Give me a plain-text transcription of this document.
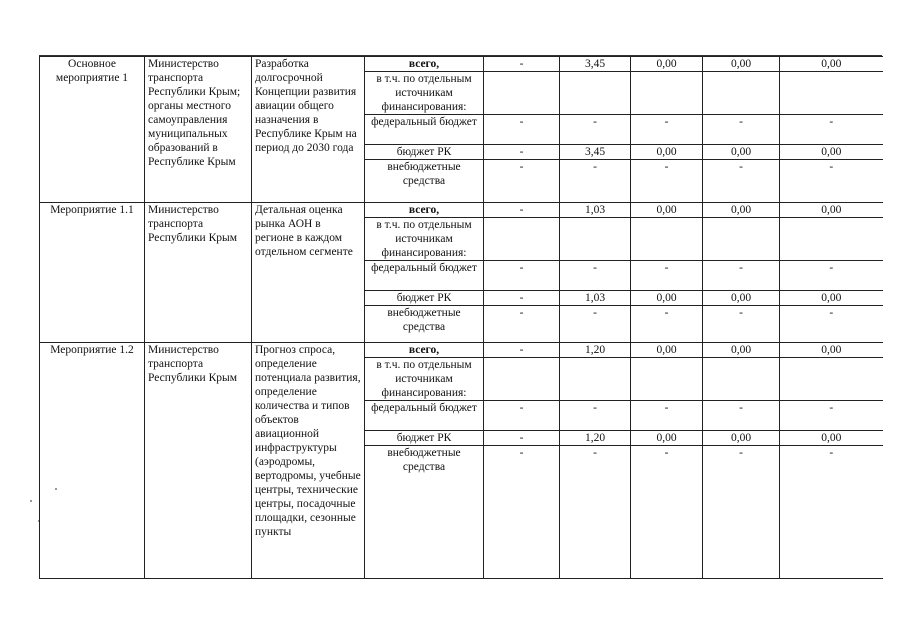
Основное мероприятие 1	Министерство транспорта Республики Крым; органы местного самоуправления муниципальных образований в Республике Крым	Разработка долгосрочной Концепции развития авиации общего назначения в Республике Крым на период до 2030 года	всего,	-	3,45	0,00	0,00	0,00
			в т.ч. по отдельным источникам финансирования:					
			федеральный бюджет	-	-	-	-	-
			бюджет РК	-	3,45	0,00	0,00	0,00
			внебюджетные средства	-	-	-	-	-
Мероприятие 1.1	Министерство транспорта Республики Крым	Детальная оценка рынка АОН в регионе в каждом отдельном сегменте	всего,	-	1,03	0,00	0,00	0,00
			в т.ч. по отдельным источникам финансирования:					
			федеральный бюджет	-	-	-	-	-
			бюджет РК	-	1,03	0,00	0,00	0,00
			внебюджетные средства	-	-	-	-	-
Мероприятие 1.2	Министерство транспорта Республики Крым	Прогноз спроса, определение потенциала развития, определение количества и типов объектов авиационной инфраструктуры (аэродромы, вертодромы, учебные центры, технические центры, посадочные площадки, сезонные пункты	всего,	-	1,20	0,00	0,00	0,00
			в т.ч. по отдельным источникам финансирования:					
			федеральный бюджет	-	-	-	-	-
			бюджет РК	-	1,20	0,00	0,00	0,00
			внебюджетные средства	-	-	-	-	-
